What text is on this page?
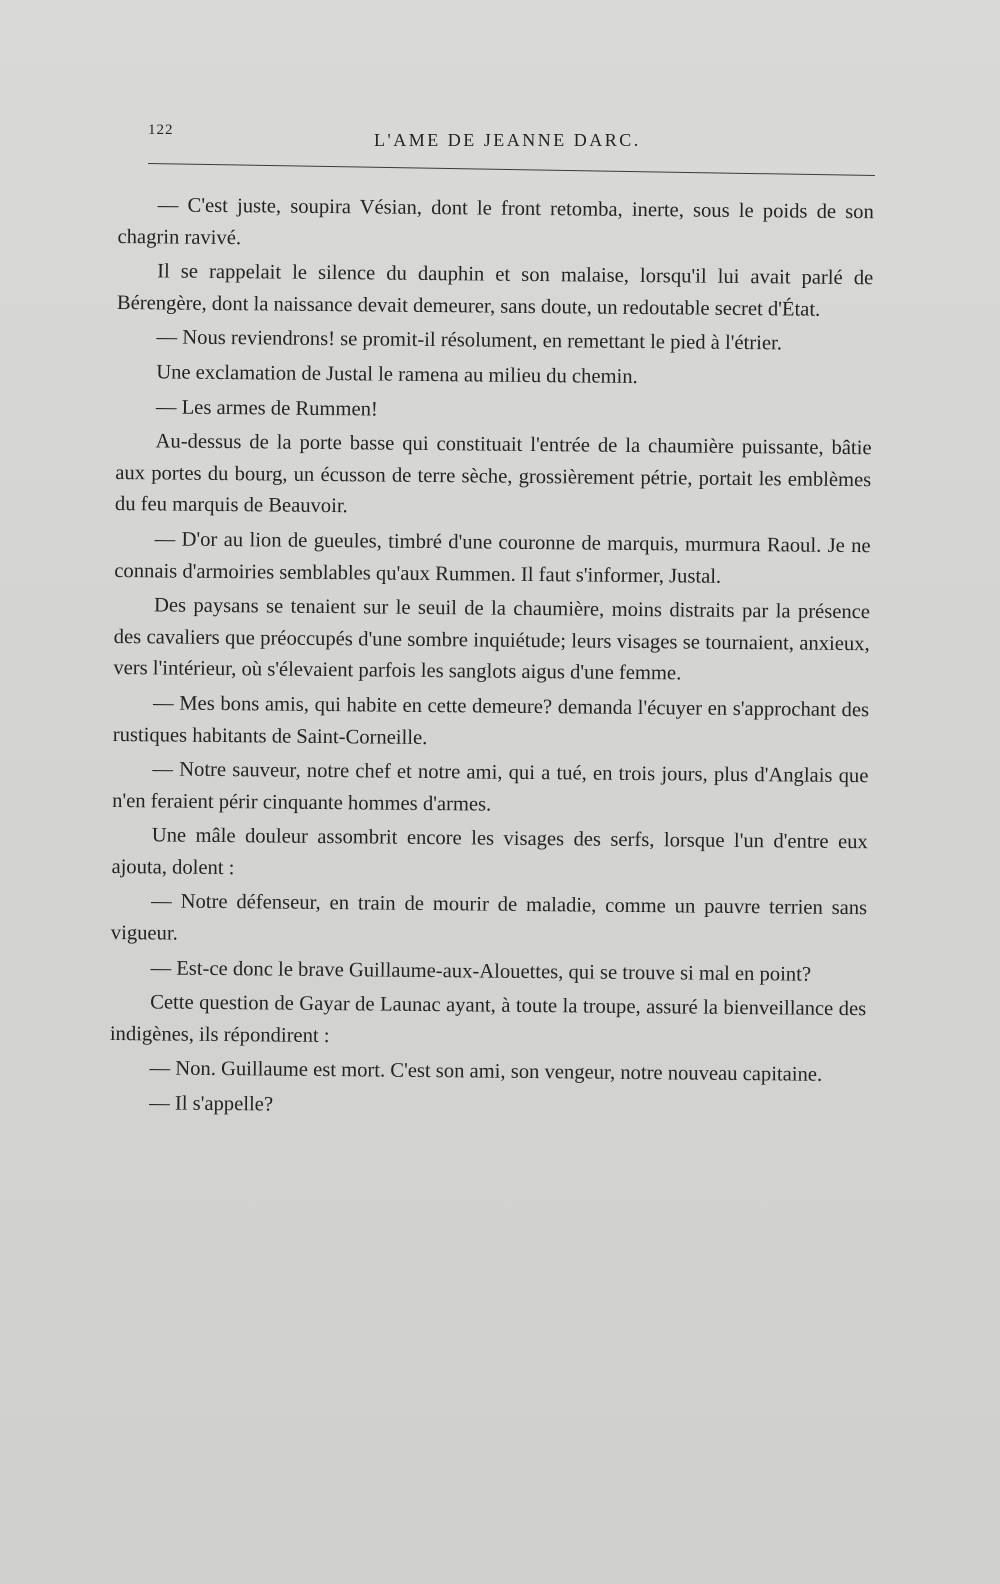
122	L'AME DE JEANNE DARC.

— C'est juste, soupira Vésian, dont le front retomba, inerte, sous le poids de son chagrin ravivé.

Il se rappelait le silence du dauphin et son malaise, lorsqu'il lui avait parlé de Bérengère, dont la naissance devait demeurer, sans doute, un redoutable secret d'État.

— Nous reviendrons! se promit-il résolument, en remettant le pied à l'étrier.

Une exclamation de Justal le ramena au milieu du chemin.

— Les armes de Rummen!

Au-dessus de la porte basse qui constituait l'entrée de la chaumière puissante, bâtie aux portes du bourg, un écusson de terre sèche, grossièrement pétrie, portait les emblèmes du feu marquis de Beauvoir.

— D'or au lion de gueules, timbré d'une couronne de marquis, murmura Raoul. Je ne connais d'armoiries semblables qu'aux Rummen. Il faut s'informer, Justal.

Des paysans se tenaient sur le seuil de la chaumière, moins distraits par la présence des cavaliers que préoccupés d'une sombre inquiétude; leurs visages se tournaient, anxieux, vers l'intérieur, où s'élevaient parfois les sanglots aigus d'une femme.

— Mes bons amis, qui habite en cette demeure? demanda l'écuyer en s'approchant des rustiques habitants de Saint-Corneille.

— Notre sauveur, notre chef et notre ami, qui a tué, en trois jours, plus d'Anglais que n'en feraient périr cinquante hommes d'armes.

Une mâle douleur assombrit encore les visages des serfs, lorsque l'un d'entre eux ajouta, dolent :

— Notre défenseur, en train de mourir de maladie, comme un pauvre terrien sans vigueur.

— Est-ce donc le brave Guillaume-aux-Alouettes, qui se trouve si mal en point?

Cette question de Gayar de Launac ayant, à toute la troupe, assuré la bienveillance des indigènes, ils répondirent :

— Non. Guillaume est mort. C'est son ami, son vengeur, notre nouveau capitaine.

— Il s'appelle?
